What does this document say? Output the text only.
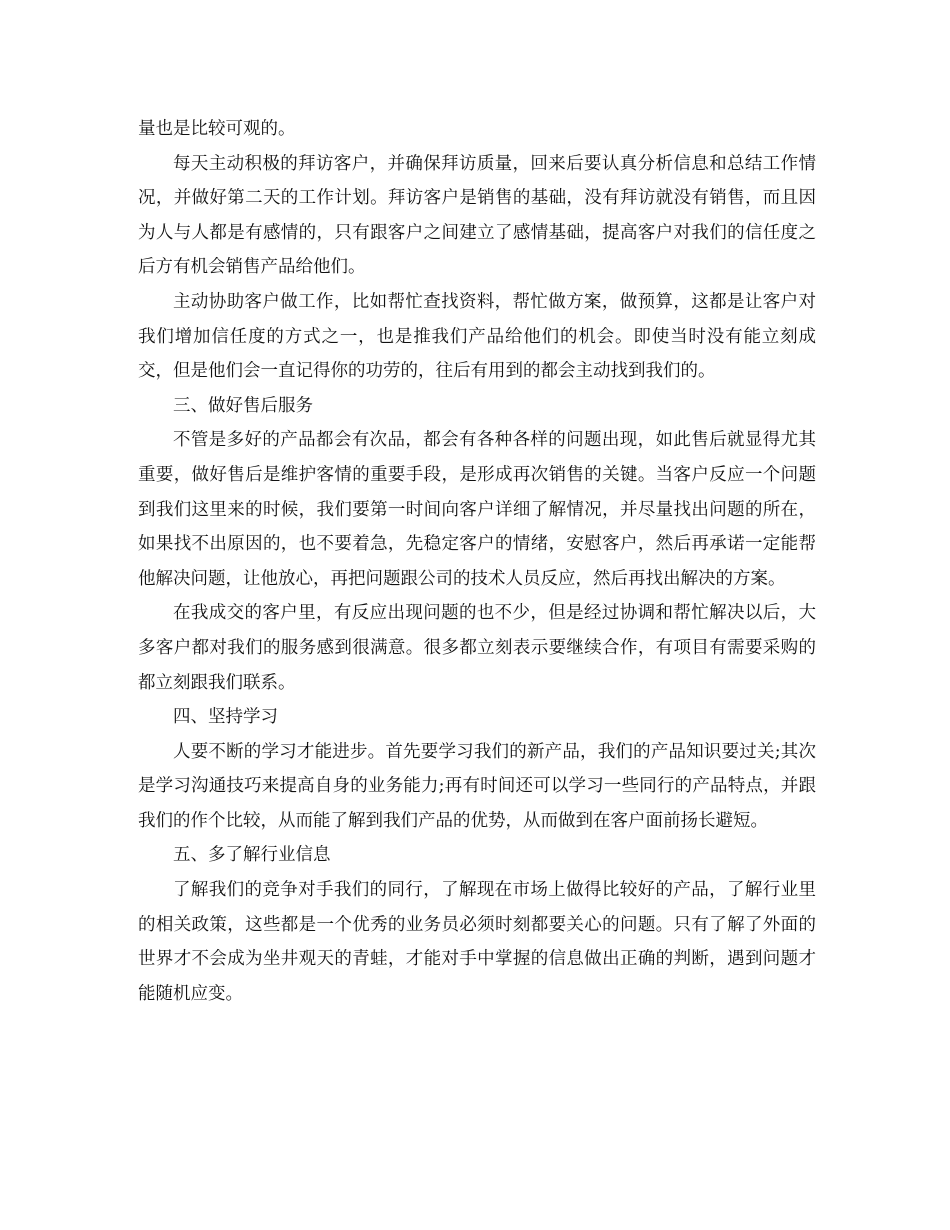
量也是比较可观的。

每天主动积极的拜访客户，并确保拜访质量，回来后要认真分析信息和总结工作情况，并做好第二天的工作计划。拜访客户是销售的基础，没有拜访就没有销售，而且因为人与人都是有感情的，只有跟客户之间建立了感情基础，提高客户对我们的信任度之后方有机会销售产品给他们。

主动协助客户做工作，比如帮忙查找资料，帮忙做方案，做预算，这都是让客户对我们增加信任度的方式之一，也是推我们产品给他们的机会。即使当时没有能立刻成交，但是他们会一直记得你的功劳的，往后有用到的都会主动找到我们的。

三、做好售后服务

不管是多好的产品都会有次品，都会有各种各样的问题出现，如此售后就显得尤其重要，做好售后是维护客情的重要手段，是形成再次销售的关键。当客户反应一个问题到我们这里来的时候，我们要第一时间向客户详细了解情况，并尽量找出问题的所在，如果找不出原因的，也不要着急，先稳定客户的情绪，安慰客户，然后再承诺一定能帮他解决问题，让他放心，再把问题跟公司的技术人员反应，然后再找出解决的方案。

在我成交的客户里，有反应出现问题的也不少，但是经过协调和帮忙解决以后，大多客户都对我们的服务感到很满意。很多都立刻表示要继续合作，有项目有需要采购的都立刻跟我们联系。

四、坚持学习

人要不断的学习才能进步。首先要学习我们的新产品，我们的产品知识要过关;其次是学习沟通技巧来提高自身的业务能力;再有时间还可以学习一些同行的产品特点，并跟我们的作个比较，从而能了解到我们产品的优势，从而做到在客户面前扬长避短。

五、多了解行业信息

了解我们的竞争对手我们的同行，了解现在市场上做得比较好的产品，了解行业里的相关政策，这些都是一个优秀的业务员必须时刻都要关心的问题。只有了解了外面的世界才不会成为坐井观天的青蛙，才能对手中掌握的信息做出正确的判断，遇到问题才能随机应变。
